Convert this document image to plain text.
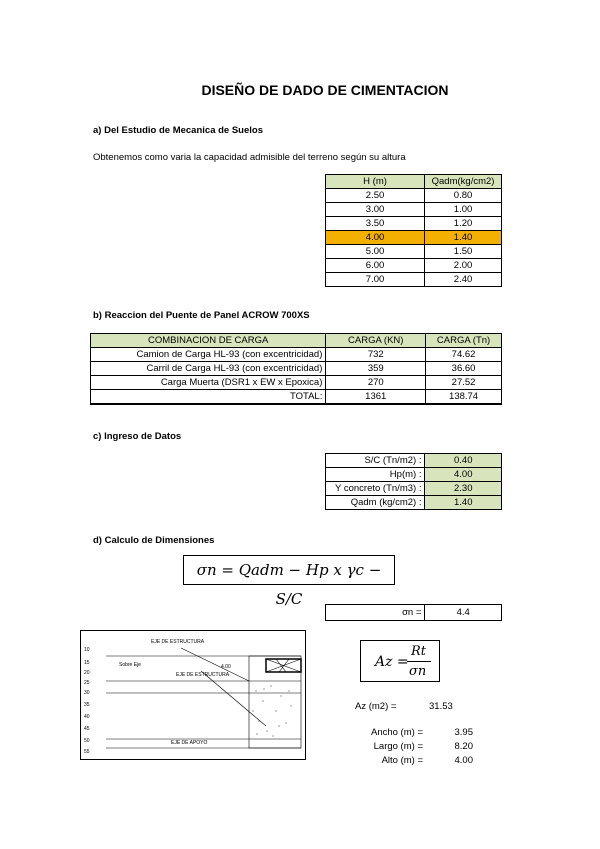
DISEÑO DE DADO DE CIMENTACION
a) Del Estudio de Mecanica de Suelos
Obtenemos como varia la capacidad admisible del terreno según su altura
H (m)	Qadm(kg/cm2)
2.50	0.80
3.00	1.00
3.50	1.20
4.00	1.40
5.00	1.50
6.00	2.00
7.00	2.40
b) Reaccion del Puente de Panel ACROW 700XS
COMBINACION DE CARGA	CARGA (KN)	CARGA (Tn)
Camion de Carga HL-93 (con excentricidad)	732	74.62
Carril de Carga HL-93 (con excentricidad)	359	36.60
Carga Muerta (DSR1 x EW x Epoxica)	270	27.52
TOTAL:	1361	138.74
c) Ingreso de Datos
S/C (Tn/m2) :	0.40
Hp(m) :	4.00
Y concreto (Tn/m3) :	2.30
Qadm (kg/cm2) :	1.40
d) Calculo de Dimensiones
σn = Qadm − Hp x γc − S/C
σn =	4.4
10
15
20
25
30
35
40
45
50
55
EJE DE ESTRUCTURA
Sobre Eje
EJE DE ESTRUCTURA
4.00
EJE DE APOYO
Az =
Rt
σn
Az (m2) =	31.53
Ancho (m) =	3.95
Largo (m) =	8.20
Alto (m) =	4.00
